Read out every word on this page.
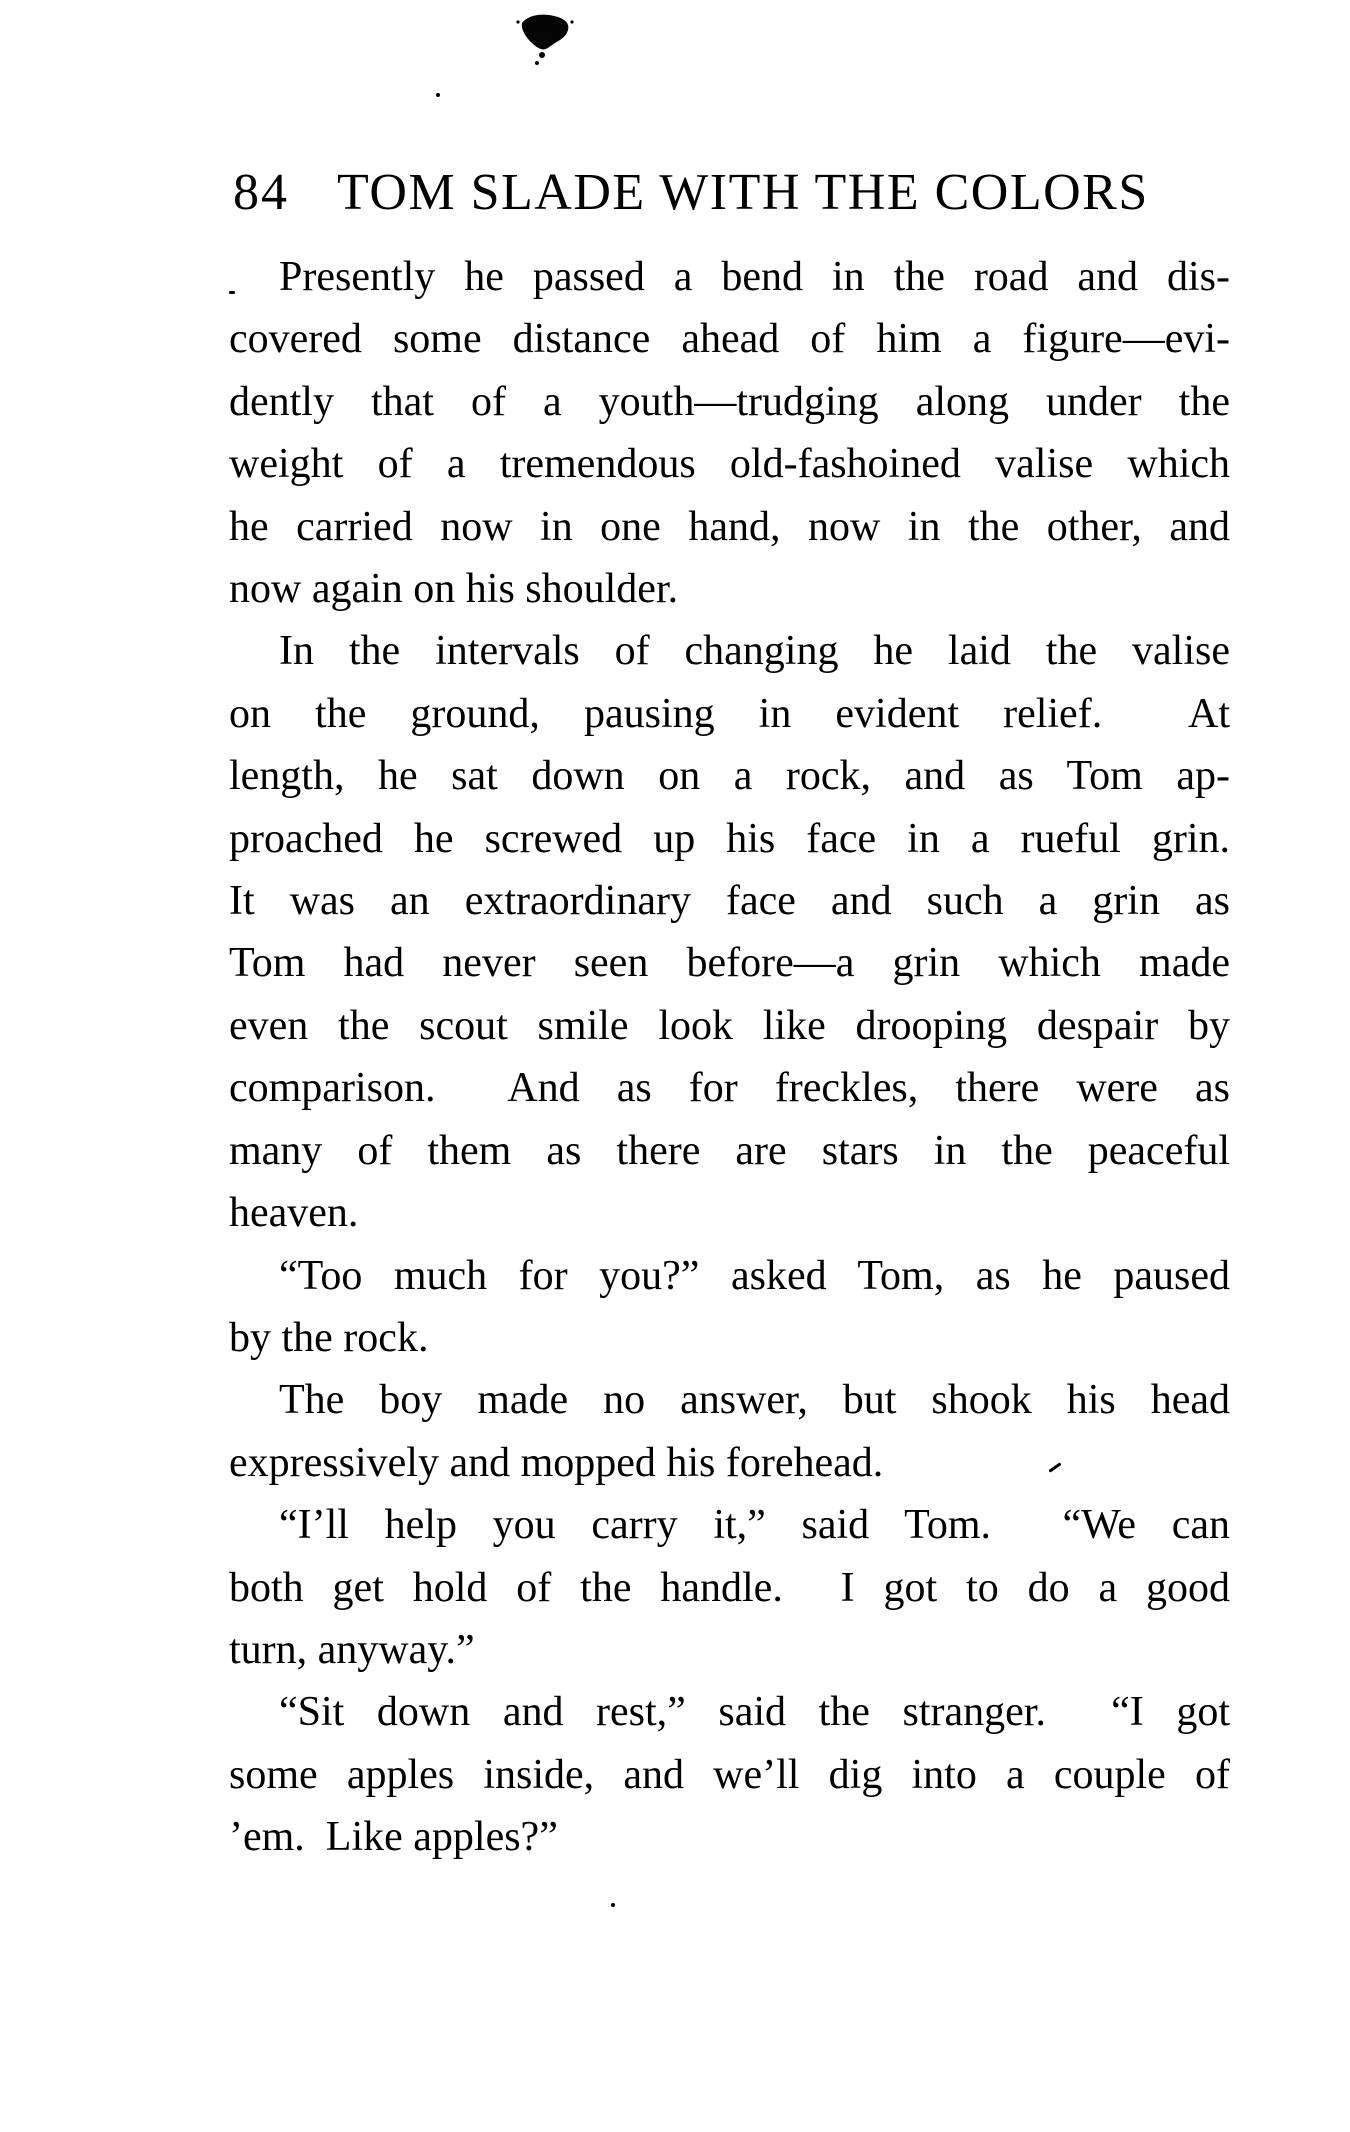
84 TOM SLADE WITH THE COLORS
Presently he passed a bend in the road and dis-
covered some distance ahead of him a figure—evi-
dently that of a youth—trudging along under the
weight of a tremendous old-fashoined valise which
he carried now in one hand, now in the other, and
now again on his shoulder.
In the intervals of changing he laid the valise
on the ground, pausing in evident relief.  At
length, he sat down on a rock, and as Tom ap-
proached he screwed up his face in a rueful grin.
It was an extraordinary face and such a grin as
Tom had never seen before—a grin which made
even the scout smile look like drooping despair by
comparison.  And as for freckles, there were as
many of them as there are stars in the peaceful
heaven.
“Too much for you?” asked Tom, as he paused
by the rock.
The boy made no answer, but shook his head
expressively and mopped his forehead.
“I’ll help you carry it,” said Tom.  “We can
both get hold of the handle.  I got to do a good
turn, anyway.”
“Sit down and rest,” said the stranger.  “I got
some apples inside, and we’ll dig into a couple of
’em.  Like apples?”
